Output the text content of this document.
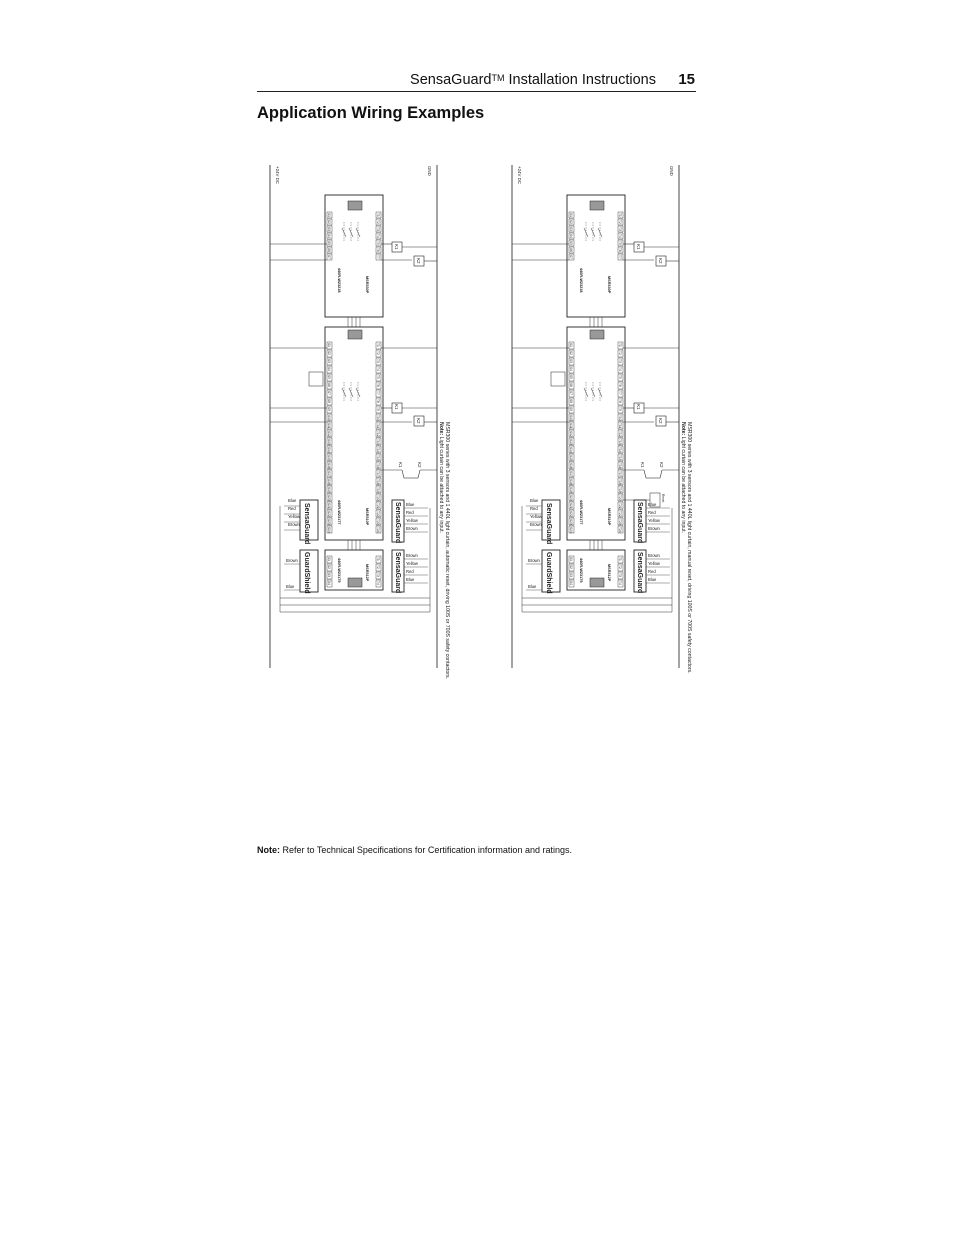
SensaGuard™ Installation Instructions 15
Application Wiring Examples
+24V DC	GND
S1
S2
S3
S4
S5
S6
S7
T1
T2
T3
T4
T5
T6
T7
440R-W23218	MSR330P
K1
K2
S1
S2
S3
S4
S5
S6
S7
S8
S9
S10
S11
S12
S13
S14
S15
S16
S17
S18
S19
S20
S21
S22
S23
S24
T1
T2
T3
T4
T5
T6
T7
T8
T9
T10
T11
T12
T13
T14
T15
T16
T17
T18
T19
T20
T21
T22
T23
T24
440R-W23177	MSR310P
K1
K2
K1	K2
SensaGuard
Blue
Red
Yellow
Brown	SensaGuard Blue
Red
Yellow
Brown
S1
S2
S3
S4
T1
T2
T3
T4
440R-W23179	MSR312P
GuardShield
Brown
Blue	SensaGuard Brown
Yellow
Red
Blue	MSR300 series with 3 sensors and 1 440L light curtain, automatic reset, driving 100S or 700S safety contactors.
Note: Light curtain can be attached to any input.
+24V DC	GND
S1
S2
S3
S4
S5
S6
S7
T1
T2
T3
T4
T5
T6
T7
440R-W23218	MSR330P
K1
K2
S1
S2
S3
S4
S5
S6
S7
S8
S9
S10
S11
S12
S13
S14
S15
S16
S17
S18
S19
S20
S21
S22
S23
S24
T1
T2
T3
T4
T5
T6
T7
T8
T9
T10
T11
T12
T13
T14
T15
T16
T17
T18
T19
T20
T21
T22
T23
T24
440R-W23177	MSR310P
K1
K2
K1	K2
Reset
SensaGuard
Blue
Red
Yellow
Brown	SensaGuard Blue
Red
Yellow
Brown
S1
S2
S3
S4
T1
T2
T3
T4
440R-W23179	MSR312P
GuardShield
Brown
Blue	SensaGuard Brown
Yellow
Red
Blue	MSR300 series with 3 sensors and 1 440L light curtain, manual reset, driving 100S or 700S safety contactors.
Note: Light curtain can be attached to any input.
Note: Refer to Technical Specifications for Certification information and ratings.
